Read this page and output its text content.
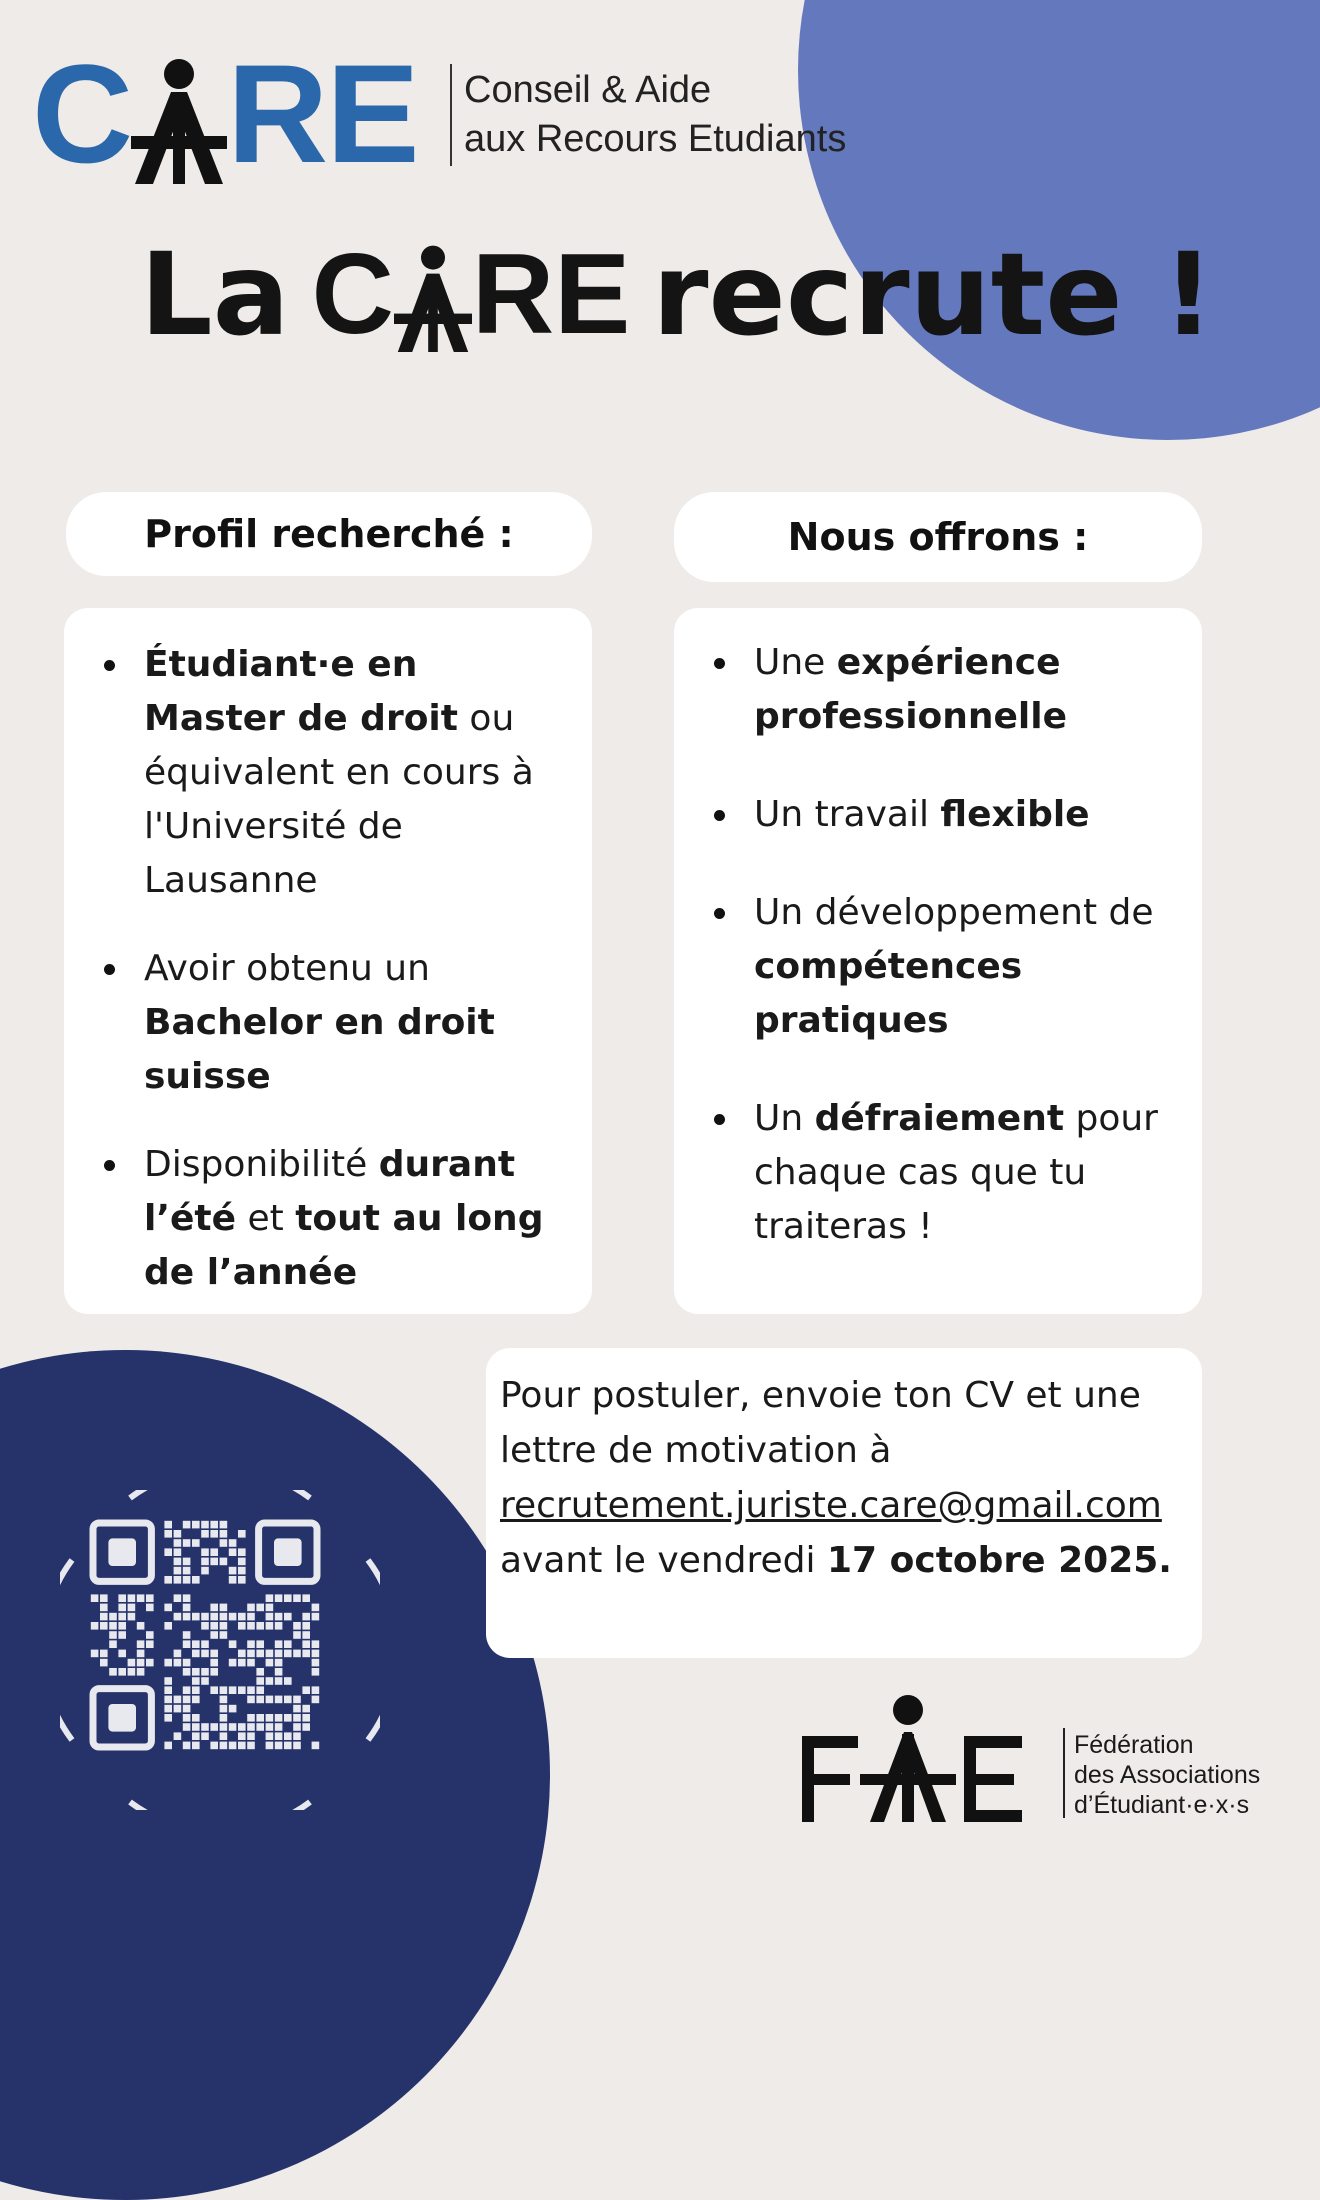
C RE Conseil & Aide
aux Recours Etudiants
La C RE recrute !
Profil recherché :	Nous offrons :
Étudiant·e en Master de droit ou équivalent en cours à l'Université de Lausanne
Avoir obtenu un Bachelor en droit suisse
Disponibilité durant l’été et tout au long de l’année
Une expérience professionnelle
Un travail flexible
Un développement de compétences pratiques
Un défraiement pour chaque cas que tu traiteras !
Pour postuler, envoie ton CV et une lettre de motivation à
recrutement.juriste.care@gmail.com
avant le vendredi 17 octobre 2025.
Fédération
des Associations
d’Étudiant·e·x·s
